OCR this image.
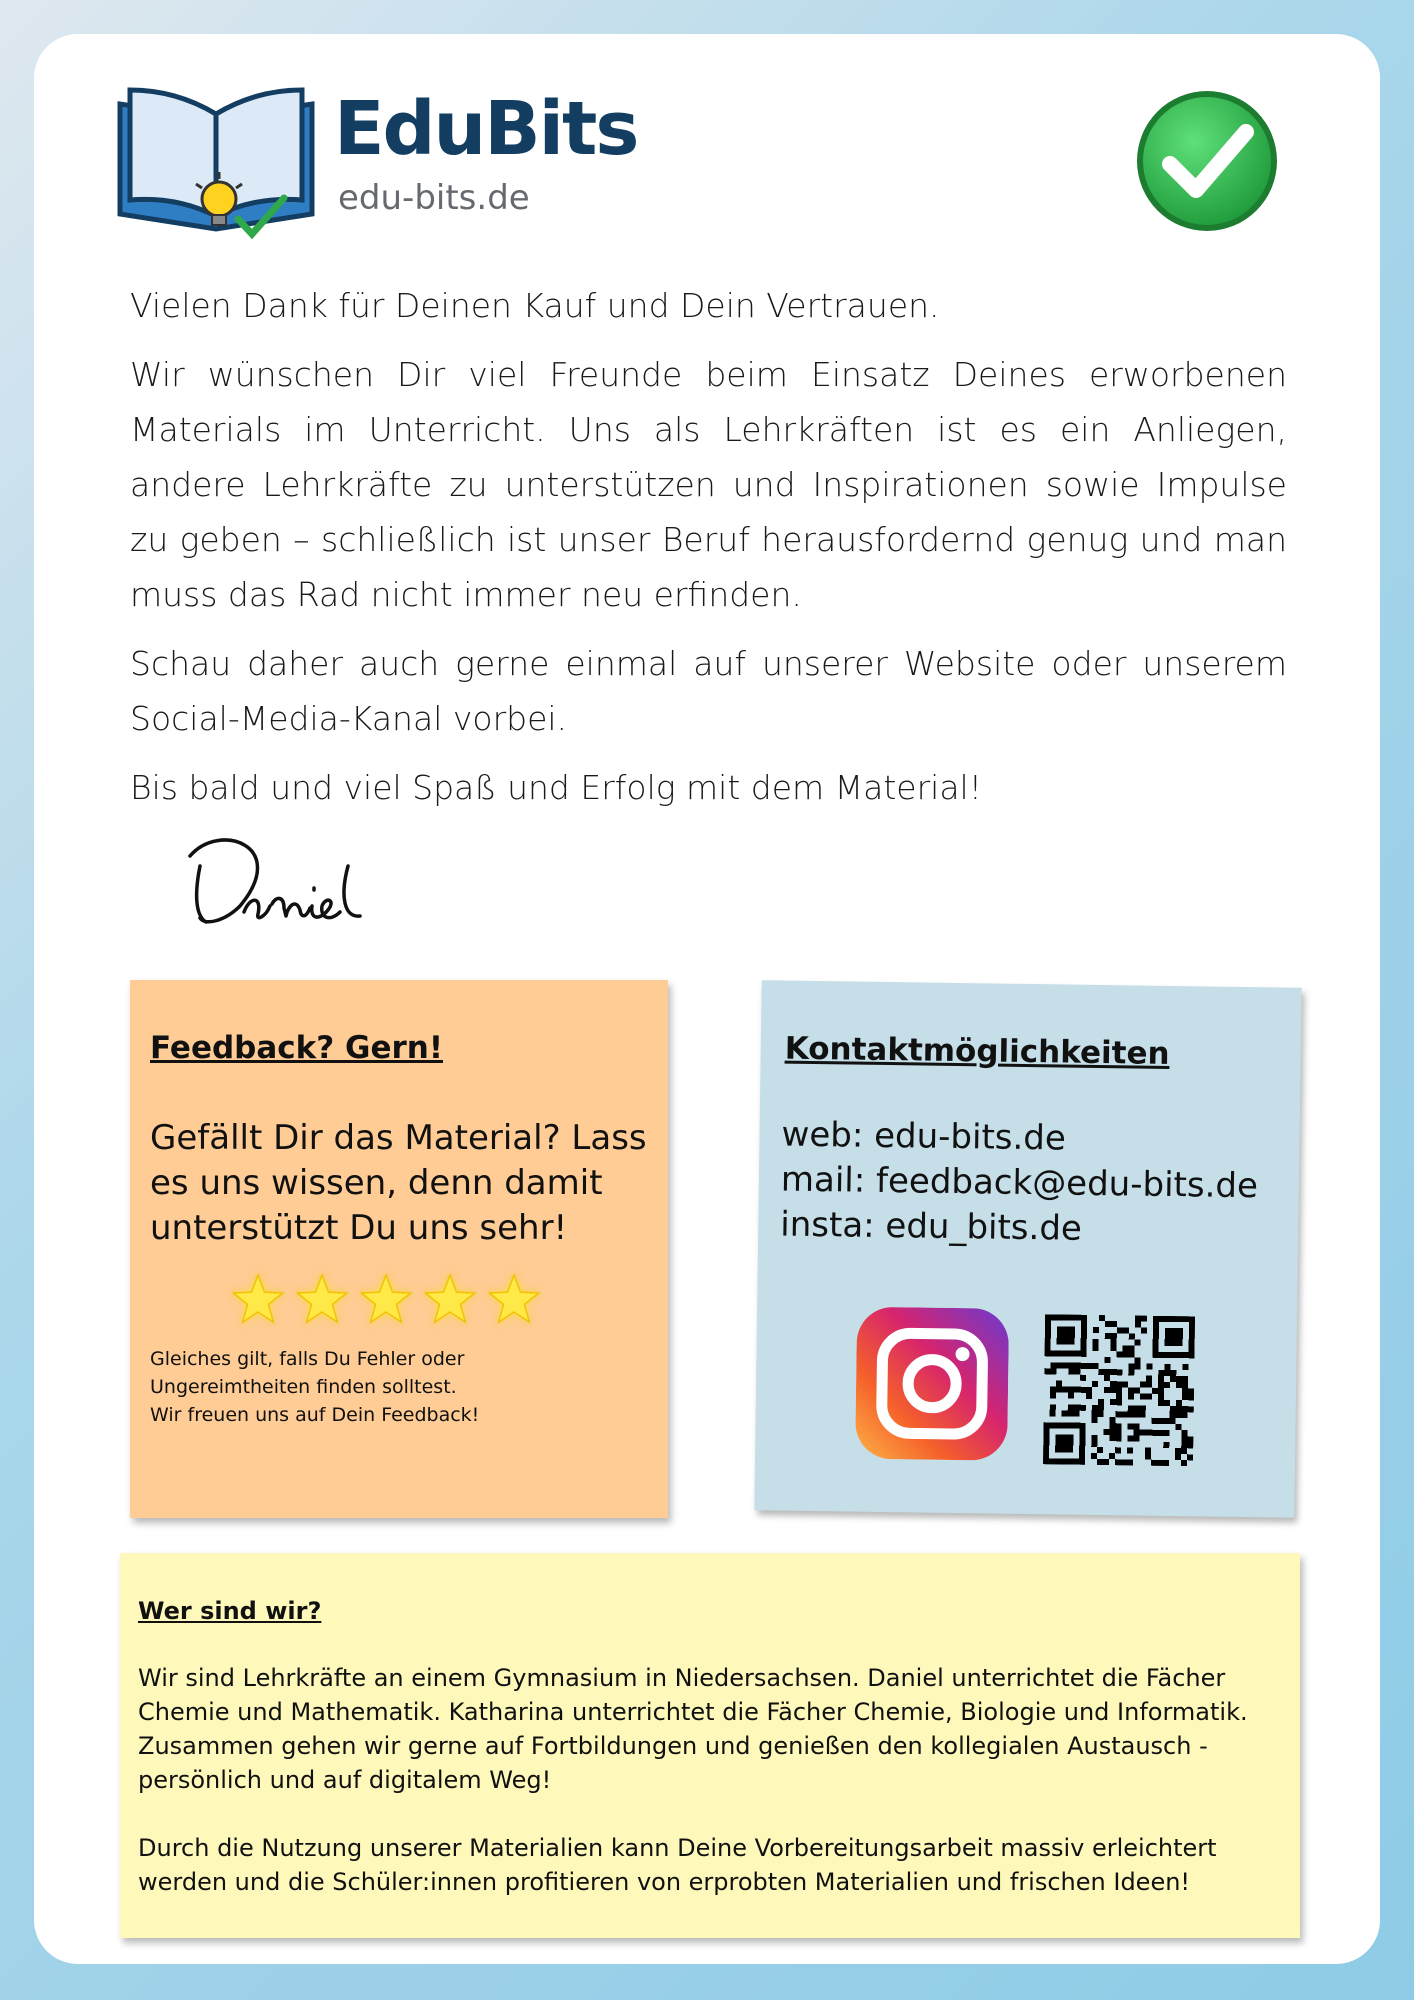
EduBits
edu-bits.de

Vielen Dank für Deinen Kauf und Dein Vertrauen.

Wir wünschen Dir viel Freunde beim Einsatz Deines erworbenen Materials im Unterricht. Uns als Lehrkräften ist es ein Anliegen, andere Lehrkräfte zu unterstützen und Inspirationen sowie Impulse zu geben – schließlich ist unser Beruf herausfordernd genug und man muss das Rad nicht immer neu erfinden.

Schau daher auch gerne einmal auf unserer Website oder unserem Social-Media-Kanal vorbei.

Bis bald und viel Spaß und Erfolg mit dem Material!

Feedback? Gern!
Gefällt Dir das Material? Lass es uns wissen, denn damit unterstützt Du uns sehr!
Gleiches gilt, falls Du Fehler oder
Ungereimtheiten finden solltest.
Wir freuen uns auf Dein Feedback!
Kontaktmöglichkeiten
web: edu-bits.de
mail: feedback@edu-bits.de
insta: edu_bits.de
Wer sind wir?

Wir sind Lehrkräfte an einem Gymnasium in Niedersachsen. Daniel unterrichtet die Fächer Chemie und Mathematik. Katharina unterrichtet die Fächer Chemie, Biologie und Informatik. Zusammen gehen wir gerne auf Fortbildungen und genießen den kollegialen Austausch - persönlich und auf digitalem Weg!

Durch die Nutzung unserer Materialien kann Deine Vorbereitungsarbeit massiv erleichtert werden und die Schüler:innen profitieren von erprobten Materialien und frischen Ideen!
